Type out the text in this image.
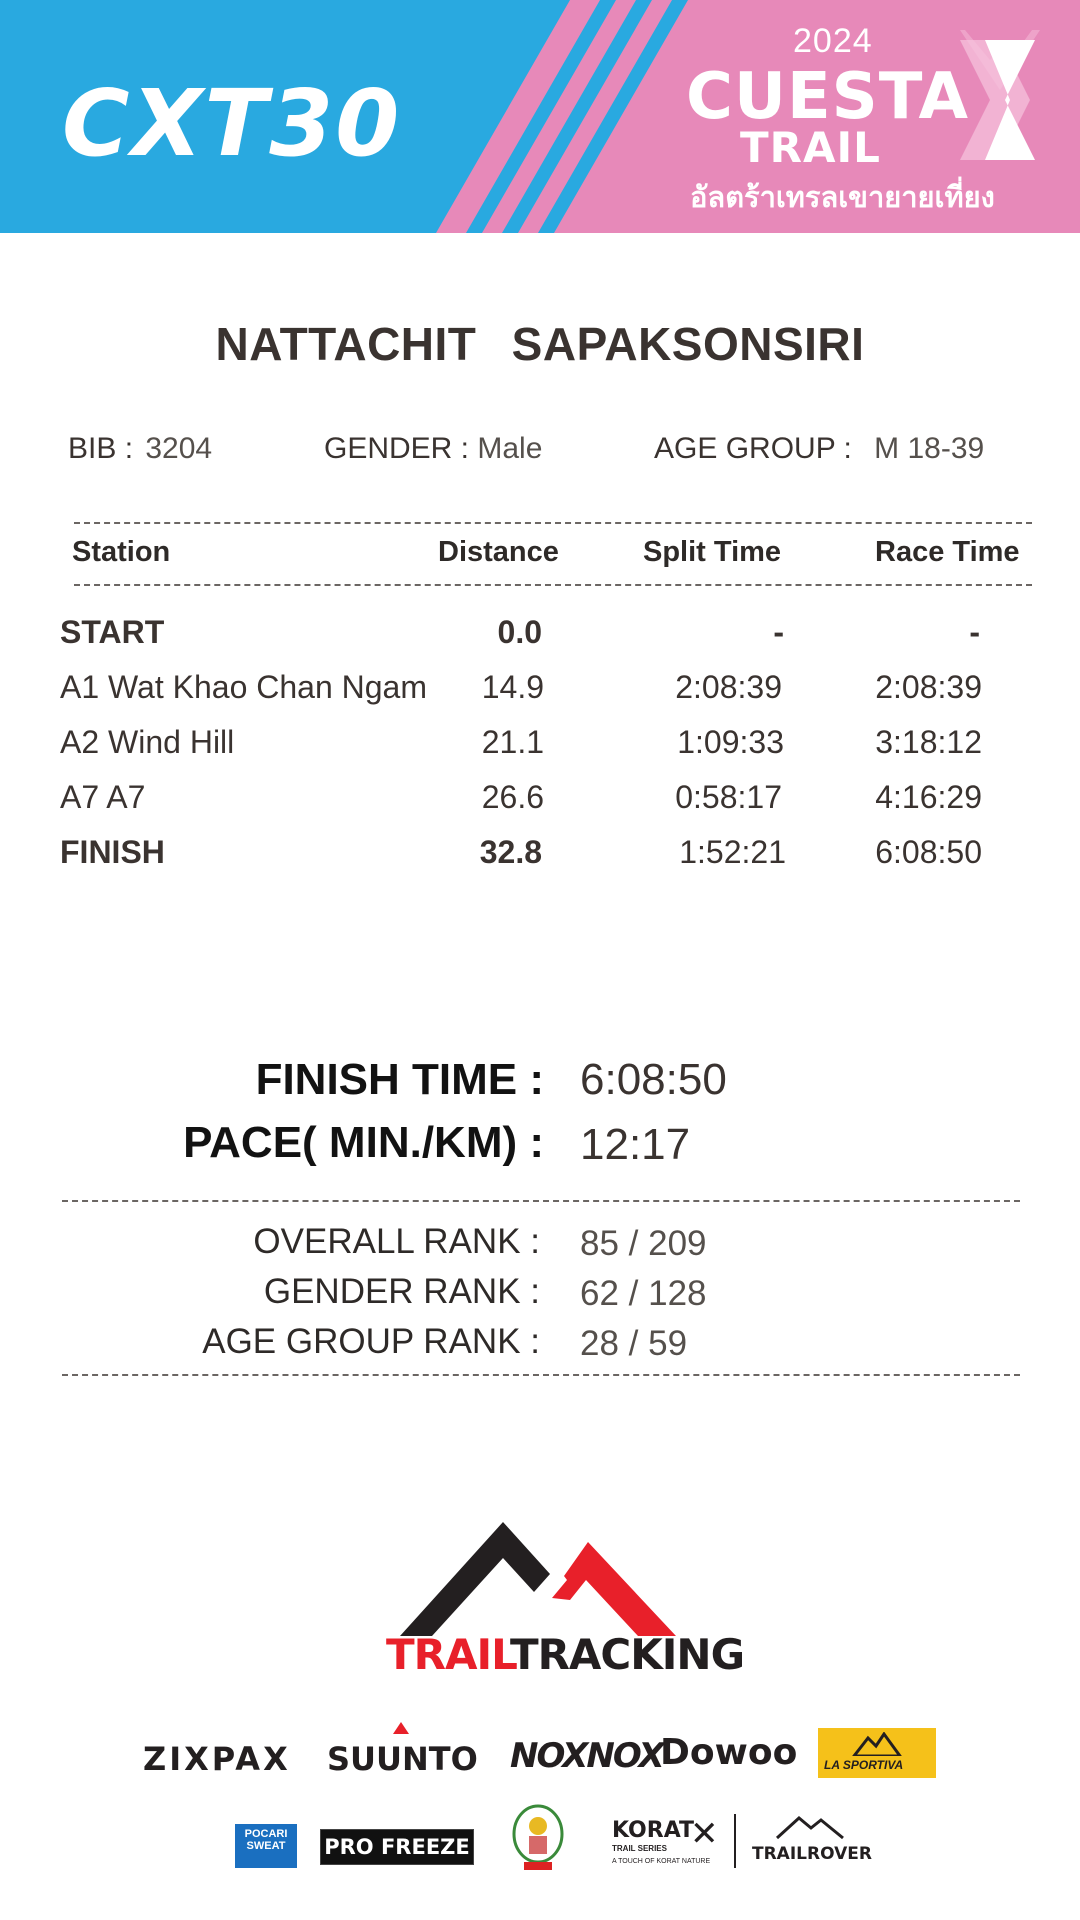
CXT30
2024
CUESTA
TRAIL
อัลตร้าเทรลเขายายเที่ยง
NATTACHIT SAPAKSONSIRI
BIB : 3204	GENDER : Male	AGE GROUP : M 18-39
Station	Distance	Split Time	Race Time
START	0.0	-	-
A1 Wat Khao Chan Ngam 14.9	2:08:39	2:08:39
A2 Wind Hill	21.1	1:09:33	3:18:12
A7 A7	26.6	0:58:17	4:16:29
FINISH	32.8	1:52:21	6:08:50
FINISH TIME : 6:08:50
PACE( MIN./KM) : 12:17
OVERALL RANK : 85 / 209
GENDER RANK : 62 / 128
AGE GROUP RANK : 28 / 59
TRAILTRACKING
ZIXPAX SUUNTO NOXNOX
Dowoo LA SPORTIVA
POCARI SWEAT	PRO FREEZE
KORAT
✕
TRAIL SERIES
A TOUCH OF KORAT NATURE TRAILROVER
